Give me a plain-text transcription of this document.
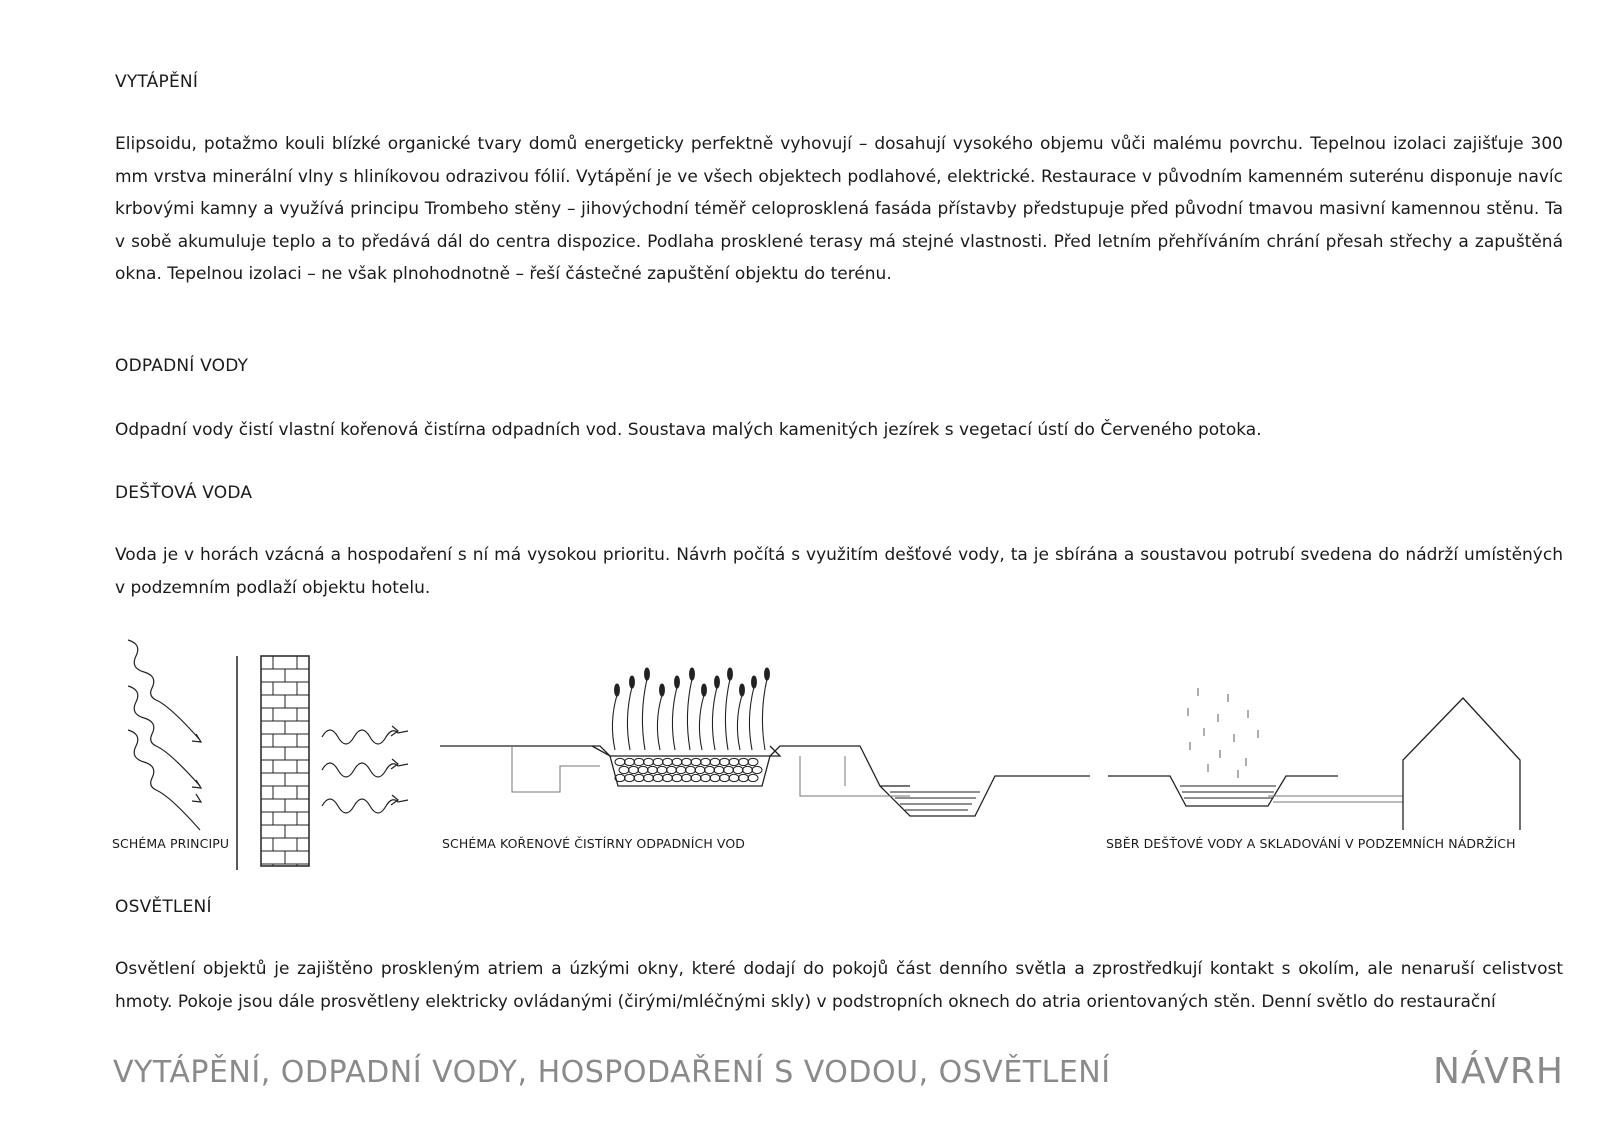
VYTÁPĚNÍ
Elipsoidu, potažmo kouli blízké organické tvary domů energeticky perfektně vyhovují – dosahují vysokého objemu vůči malému povrchu. Tepelnou izolaci zajišťuje 300 mm vrstva minerální vlny s hliníkovou odrazivou fólií. Vytápění je ve všech objektech podlahové, elektrické. Restaurace v původním kamenném suterénu disponuje navíc krbovými kamny a využívá principu Trombeho stěny – jihovýchodní téměř celoprosklená fasáda přístavby předstupuje před původní tmavou masivní kamennou stěnu. Ta v sobě akumuluje teplo a to předává dál do centra dispozice. Podlaha prosklené terasy má stejné vlastnosti. Před letním přehříváním chrání přesah střechy a zapuštěná okna. Tepelnou izolaci – ne však plnohodnotně – řeší částečné zapuštění objektu do terénu.
ODPADNÍ VODY
Odpadní vody čistí vlastní kořenová čistírna odpadních vod. Soustava malých kamenitých jezírek s vegetací ústí do Červeného potoka.
DEŠŤOVÁ VODA
Voda je v horách vzácná a hospodaření s ní má vysokou prioritu. Návrh počítá s využitím dešťové vody, ta je sbírána a soustavou potrubí svedena do nádrží umístěných v podzemním podlaží objektu hotelu.
SCHÉMA PRINCIPU	SCHÉMA KOŘENOVÉ ČISTÍRNY ODPADNÍCH VOD	SBĚR DEŠŤOVÉ VODY A SKLADOVÁNÍ V PODZEMNÍCH NÁDRŽÍCH
OSVĚTLENÍ
Osvětlení objektů je zajištěno proskleným atriem a úzkými okny, které dodají do pokojů část denního světla a zprostředkují kontakt s okolím, ale nenaruší celistvost hmoty. Pokoje jsou dále prosvětleny elektricky ovládanými (čirými/mléčnými skly) v podstropních oknech do atria orientovaných stěn. Denní světlo do restaurační
VYTÁPĚNÍ, ODPADNÍ VODY, HOSPODAŘENÍ S VODOU, OSVĚTLENÍ	NÁVRH
